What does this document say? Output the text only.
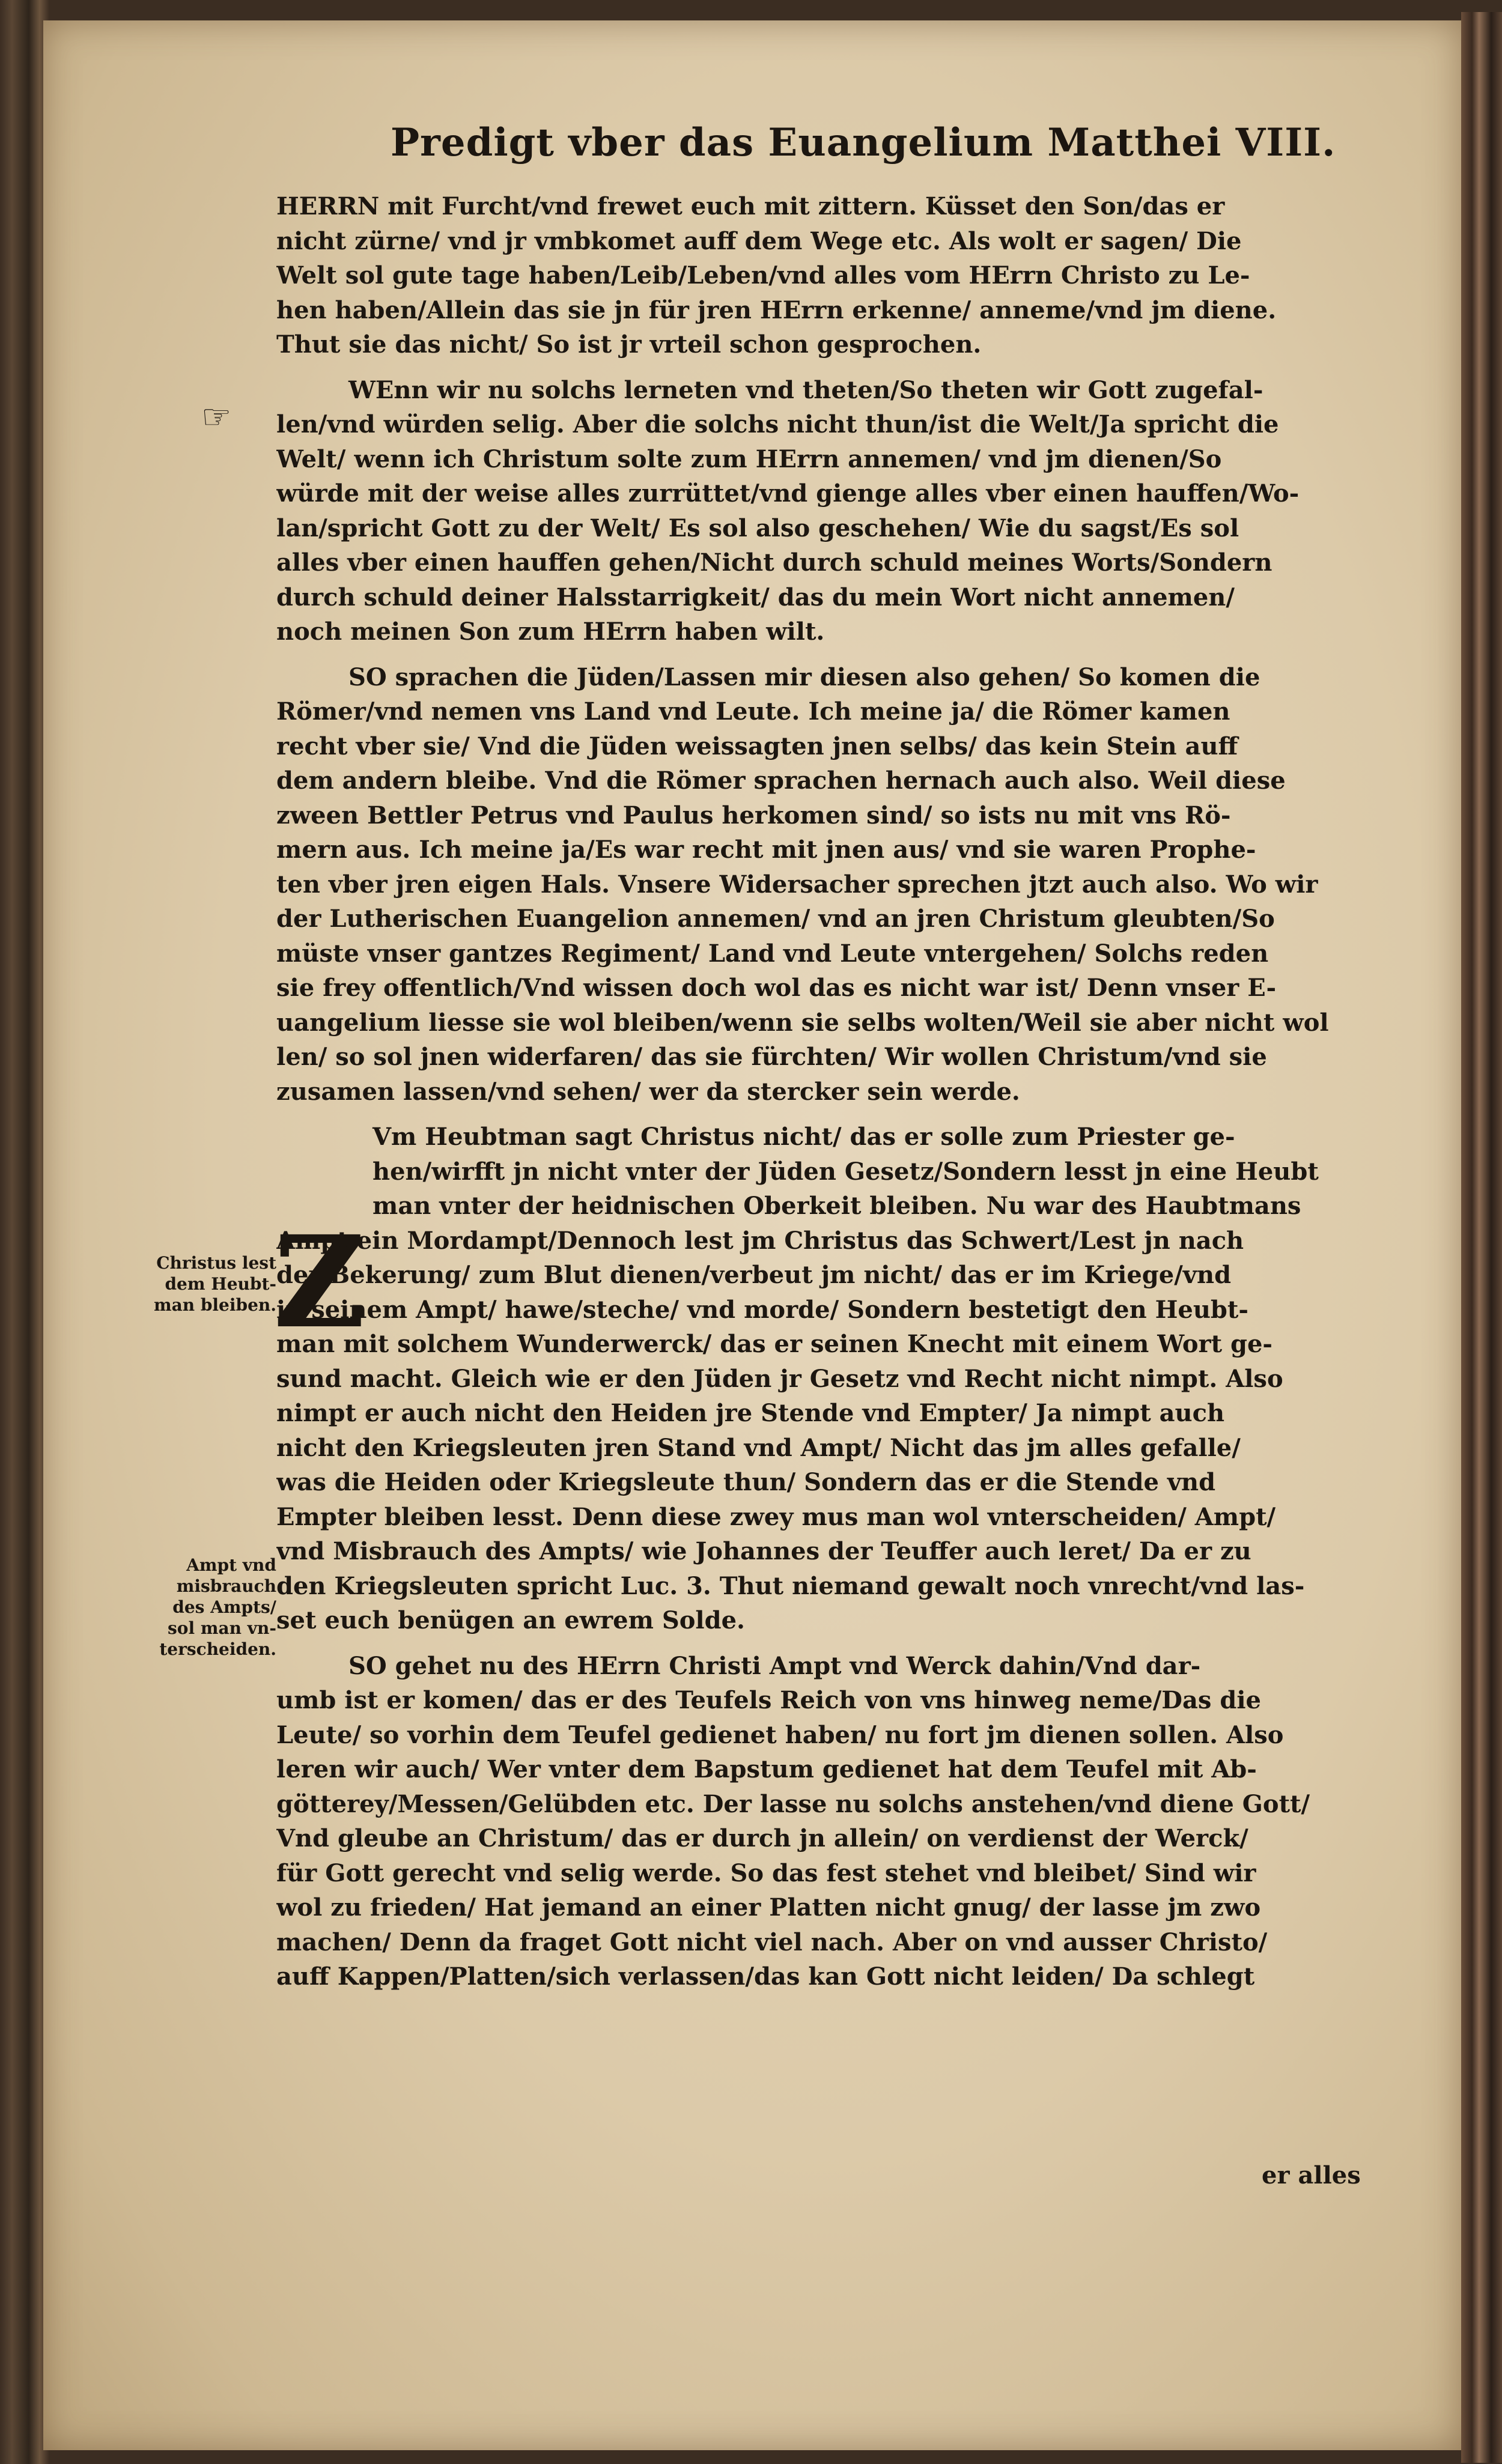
Predigt vber das Euangelium Matthei VIII.
☞
Christus lest
dem Heubt-
man bleiben.
Ampt vnd
misbrauch
des Ampts/
sol man vn-
terscheiden.
Z
HERRN mit Furcht/vnd frewet euch mit zittern. Küsset den Son/das er
nicht zürne/ vnd jr vmbkomet auff dem Wege etc. Als wolt er sagen/ Die
Welt sol gute tage haben/Leib/Leben/vnd alles vom HErrn Christo zu Le-
hen haben/Allein das sie jn für jren HErrn erkenne/ anneme/vnd jm diene.
Thut sie das nicht/ So ist jr vrteil schon gesprochen.
WEnn wir nu solchs lerneten vnd theten/So theten wir Gott zugefal-
len/vnd würden selig. Aber die solchs nicht thun/ist die Welt/Ja spricht die
Welt/ wenn ich Christum solte zum HErrn annemen/ vnd jm dienen/So
würde mit der weise alles zurrüttet/vnd gienge alles vber einen hauffen/Wo-
lan/spricht Gott zu der Welt/ Es sol also geschehen/ Wie du sagst/Es sol
alles vber einen hauffen gehen/Nicht durch schuld meines Worts/Sondern
durch schuld deiner Halsstarrigkeit/ das du mein Wort nicht annemen/
noch meinen Son zum HErrn haben wilt.
SO sprachen die Jüden/Lassen mir diesen also gehen/ So komen die
Römer/vnd nemen vns Land vnd Leute. Ich meine ja/ die Römer kamen
recht vber sie/ Vnd die Jüden weissagten jnen selbs/ das kein Stein auff
dem andern bleibe. Vnd die Römer sprachen hernach auch also. Weil diese
zween Bettler Petrus vnd Paulus herkomen sind/ so ists nu mit vns Rö-
mern aus. Ich meine ja/Es war recht mit jnen aus/ vnd sie waren Prophe-
ten vber jren eigen Hals. Vnsere Widersacher sprechen jtzt auch also. Wo wir
der Lutherischen Euangelion annemen/ vnd an jren Christum gleubten/So
müste vnser gantzes Regiment/ Land vnd Leute vntergehen/ Solchs reden
sie frey offentlich/Vnd wissen doch wol das es nicht war ist/ Denn vnser E-
uangelium liesse sie wol bleiben/wenn sie selbs wolten/Weil sie aber nicht wol
len/ so sol jnen widerfaren/ das sie fürchten/ Wir wollen Christum/vnd sie
zusamen lassen/vnd sehen/ wer da stercker sein werde.
Vm Heubtman sagt Christus nicht/ das er solle zum Priester ge-
hen/wirfft jn nicht vnter der Jüden Gesetz/Sondern lesst jn eine Heubt
man vnter der heidnischen Oberkeit bleiben. Nu war des Haubtmans
Ampt ein Mordampt/Dennoch lest jm Christus das Schwert/Lest jn nach
der Bekerung/ zum Blut dienen/verbeut jm nicht/ das er im Kriege/vnd
in seinem Ampt/ hawe/steche/ vnd morde/ Sondern bestetigt den Heubt-
man mit solchem Wunderwerck/ das er seinen Knecht mit einem Wort ge-
sund macht. Gleich wie er den Jüden jr Gesetz vnd Recht nicht nimpt. Also
nimpt er auch nicht den Heiden jre Stende vnd Empter/ Ja nimpt auch
nicht den Kriegsleuten jren Stand vnd Ampt/ Nicht das jm alles gefalle/
was die Heiden oder Kriegsleute thun/ Sondern das er die Stende vnd
Empter bleiben lesst. Denn diese zwey mus man wol vnterscheiden/ Ampt/
vnd Misbrauch des Ampts/ wie Johannes der Teuffer auch leret/ Da er zu
den Kriegsleuten spricht Luc. 3. Thut niemand gewalt noch vnrecht/vnd las-
set euch benügen an ewrem Solde.
SO gehet nu des HErrn Christi Ampt vnd Werck dahin/Vnd dar-
umb ist er komen/ das er des Teufels Reich von vns hinweg neme/Das die
Leute/ so vorhin dem Teufel gedienet haben/ nu fort jm dienen sollen. Also
leren wir auch/ Wer vnter dem Bapstum gedienet hat dem Teufel mit Ab-
götterey/Messen/Gelübden etc. Der lasse nu solchs anstehen/vnd diene Gott/
Vnd gleube an Christum/ das er durch jn allein/ on verdienst der Werck/
für Gott gerecht vnd selig werde. So das fest stehet vnd bleibet/ Sind wir
wol zu frieden/ Hat jemand an einer Platten nicht gnug/ der lasse jm zwo
machen/ Denn da fraget Gott nicht viel nach. Aber on vnd ausser Christo/
auff Kappen/Platten/sich verlassen/das kan Gott nicht leiden/ Da schlegt
er alles
